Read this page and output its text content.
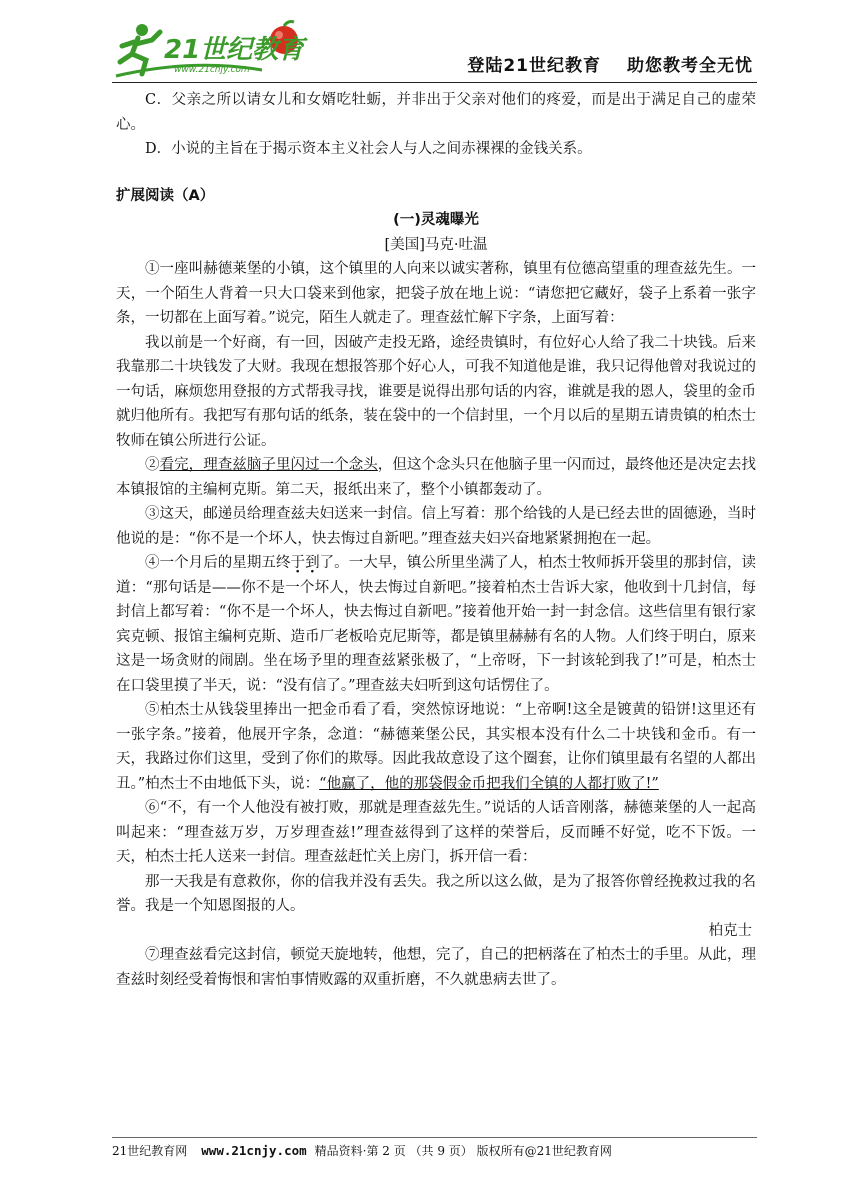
21世纪教育
www.21cnjy.com	登陆21世纪教育 助您教考全无忧

C．父亲之所以请女儿和女婿吃牡蛎，并非出于父亲对他们的疼爱，而是出于满足自己的虚荣心。

D．小说的主旨在于揭示资本主义社会人与人之间赤裸裸的金钱关系。

扩展阅读（A）

(一)灵魂曝光

[美国]马克·吐温

①一座叫赫德莱堡的小镇，这个镇里的人向来以诚实著称，镇里有位德高望重的理查兹先生。一天，一个陌生人背着一只大口袋来到他家，把袋子放在地上说：“请您把它藏好，袋子上系着一张字条，一切都在上面写着。”说完，陌生人就走了。理查兹忙解下字条，上面写着：

我以前是一个好商，有一回，因破产走投无路，途经贵镇时，有位好心人给了我二十块钱。后来我靠那二十块钱发了大财。我现在想报答那个好心人，可我不知道他是谁，我只记得他曾对我说过的一句话，麻烦您用登报的方式帮我寻找，谁要是说得出那句话的内容，谁就是我的恩人，袋里的金币就归他所有。我把写有那句话的纸条，装在袋中的一个信封里，一个月以后的星期五请贵镇的柏杰士牧师在镇公所进行公证。

②看完，理查兹脑子里闪过一个念头，但这个念头只在他脑子里一闪而过，最终他还是决定去找本镇报馆的主编柯克斯。第二天，报纸出来了，整个小镇都轰动了。

③这天，邮递员给理查兹夫妇送来一封信。信上写着：那个给钱的人是已经去世的固德逊，当时他说的是：“你不是一个坏人，快去悔过自新吧。”理查兹夫妇兴奋地紧紧拥抱在一起。

④一个月后的星期五终于到了。一大早，镇公所里坐满了人，柏杰士牧师拆开袋里的那封信，读道：“那句话是——你不是一个坏人，快去悔过自新吧。”接着柏杰士告诉大家，他收到十几封信，每封信上都写着：“你不是一个坏人，快去悔过自新吧。”接着他开始一封一封念信。这些信里有银行家宾克顿、报馆主编柯克斯、造币厂老板哈克尼斯等，都是镇里赫赫有名的人物。人们终于明白，原来这是一场贪财的闹剧。坐在场予里的理查兹紧张极了，“上帝呀，下一封该轮到我了!”可是，柏杰士在口袋里摸了半天，说：“没有信了。”理查兹夫妇听到这句话愣住了。

⑤柏杰士从钱袋里捧出一把金币看了看，突然惊讶地说：“上帝啊!这全是镀黄的铅饼!这里还有一张字条。”接着，他展开字条，念道：“赫德莱堡公民，其实根本没有什么二十块钱和金币。有一天，我路过你们这里，受到了你们的欺辱。因此我故意设了这个圈套，让你们镇里最有名望的人都出丑。”柏杰士不由地低下头，说：“他赢了，他的那袋假金币把我们全镇的人都打败了!”

⑥“不，有一个人他没有被打败，那就是理查兹先生。”说话的人话音刚落，赫德莱堡的人一起高叫起来：“理查兹万岁，万岁理查兹!”理查兹得到了这样的荣誉后，反而睡不好觉，吃不下饭。一天，柏杰士托人送来一封信。理查兹赶忙关上房门，拆开信一看：

那一天我是有意救你，你的信我并没有丢失。我之所以这么做，是为了报答你曾经挽救过我的名誉。我是一个知恩图报的人。

柏克士

⑦理查兹看完这封信，顿觉天旋地转，他想，完了，自己的把柄落在了柏杰士的手里。从此，理查兹时刻经受着悔恨和害怕事情败露的双重折磨，不久就患病去世了。

21世纪教育网 www.21cnjy.com 精品资料·第 2 页 （共 9 页） 版权所有@21世纪教育网
